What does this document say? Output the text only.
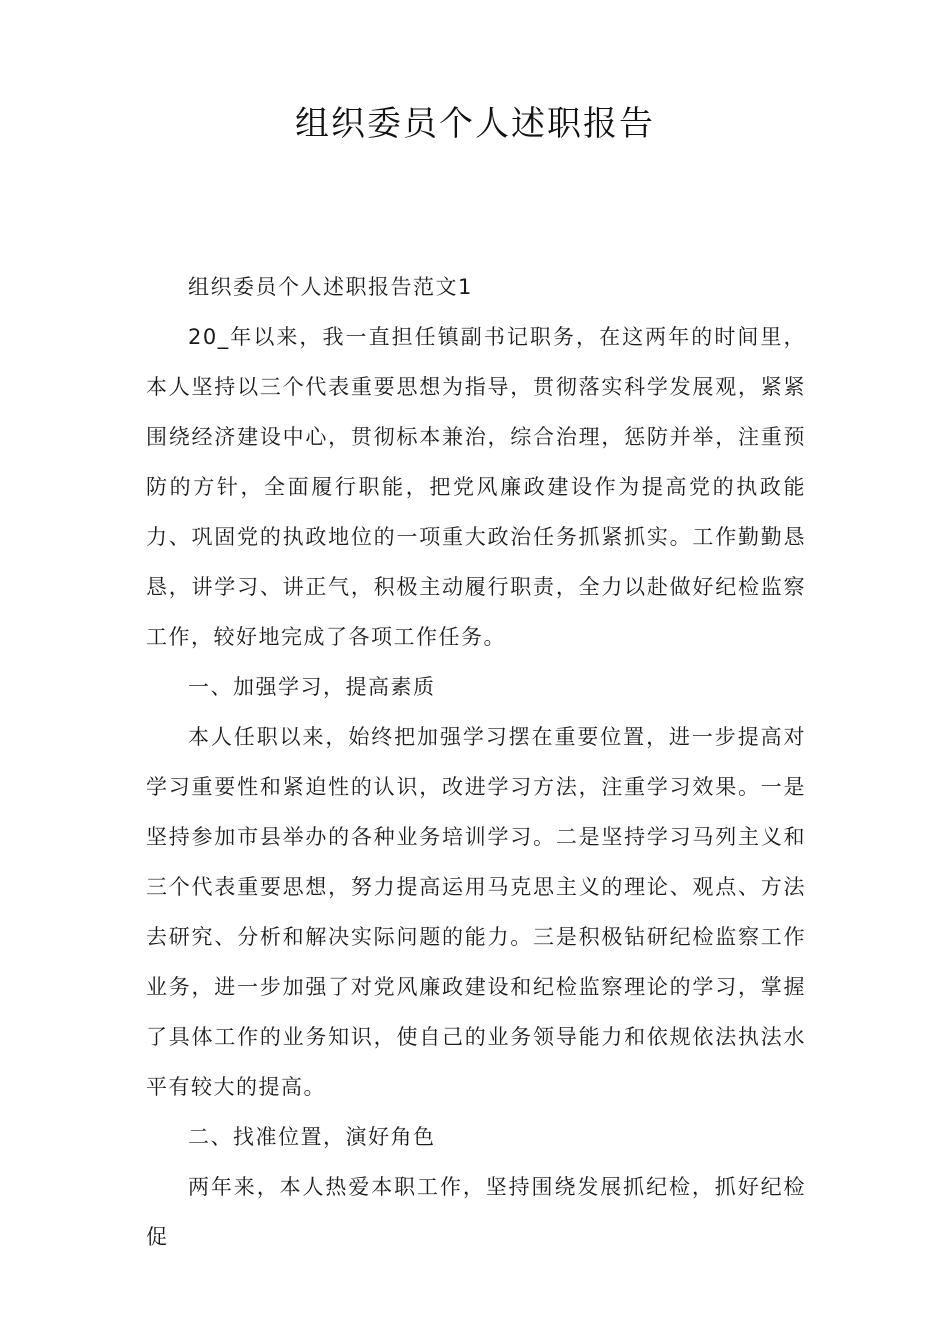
组织委员个人述职报告

组织委员个人述职报告范文1

20_年以来，我一直担任镇副书记职务，在这两年的时间里，本人坚持以三个代表重要思想为指导，贯彻落实科学发展观，紧紧围绕经济建设中心，贯彻标本兼治，综合治理，惩防并举，注重预防的方针，全面履行职能，把党风廉政建设作为提高党的执政能力、巩固党的执政地位的一项重大政治任务抓紧抓实。工作勤勤恳恳，讲学习、讲正气，积极主动履行职责，全力以赴做好纪检监察工作，较好地完成了各项工作任务。

一、加强学习，提高素质

本人任职以来，始终把加强学习摆在重要位置，进一步提高对学习重要性和紧迫性的认识，改进学习方法，注重学习效果。一是坚持参加市县举办的各种业务培训学习。二是坚持学习马列主义和三个代表重要思想，努力提高运用马克思主义的理论、观点、方法去研究、分析和解决实际问题的能力。三是积极钻研纪检监察工作业务，进一步加强了对党风廉政建设和纪检监察理论的学习，掌握了具体工作的业务知识，使自己的业务领导能力和依规依法执法水平有较大的提高。

二、找准位置，演好角色

两年来，本人热爱本职工作，坚持围绕发展抓纪检，抓好纪检促
